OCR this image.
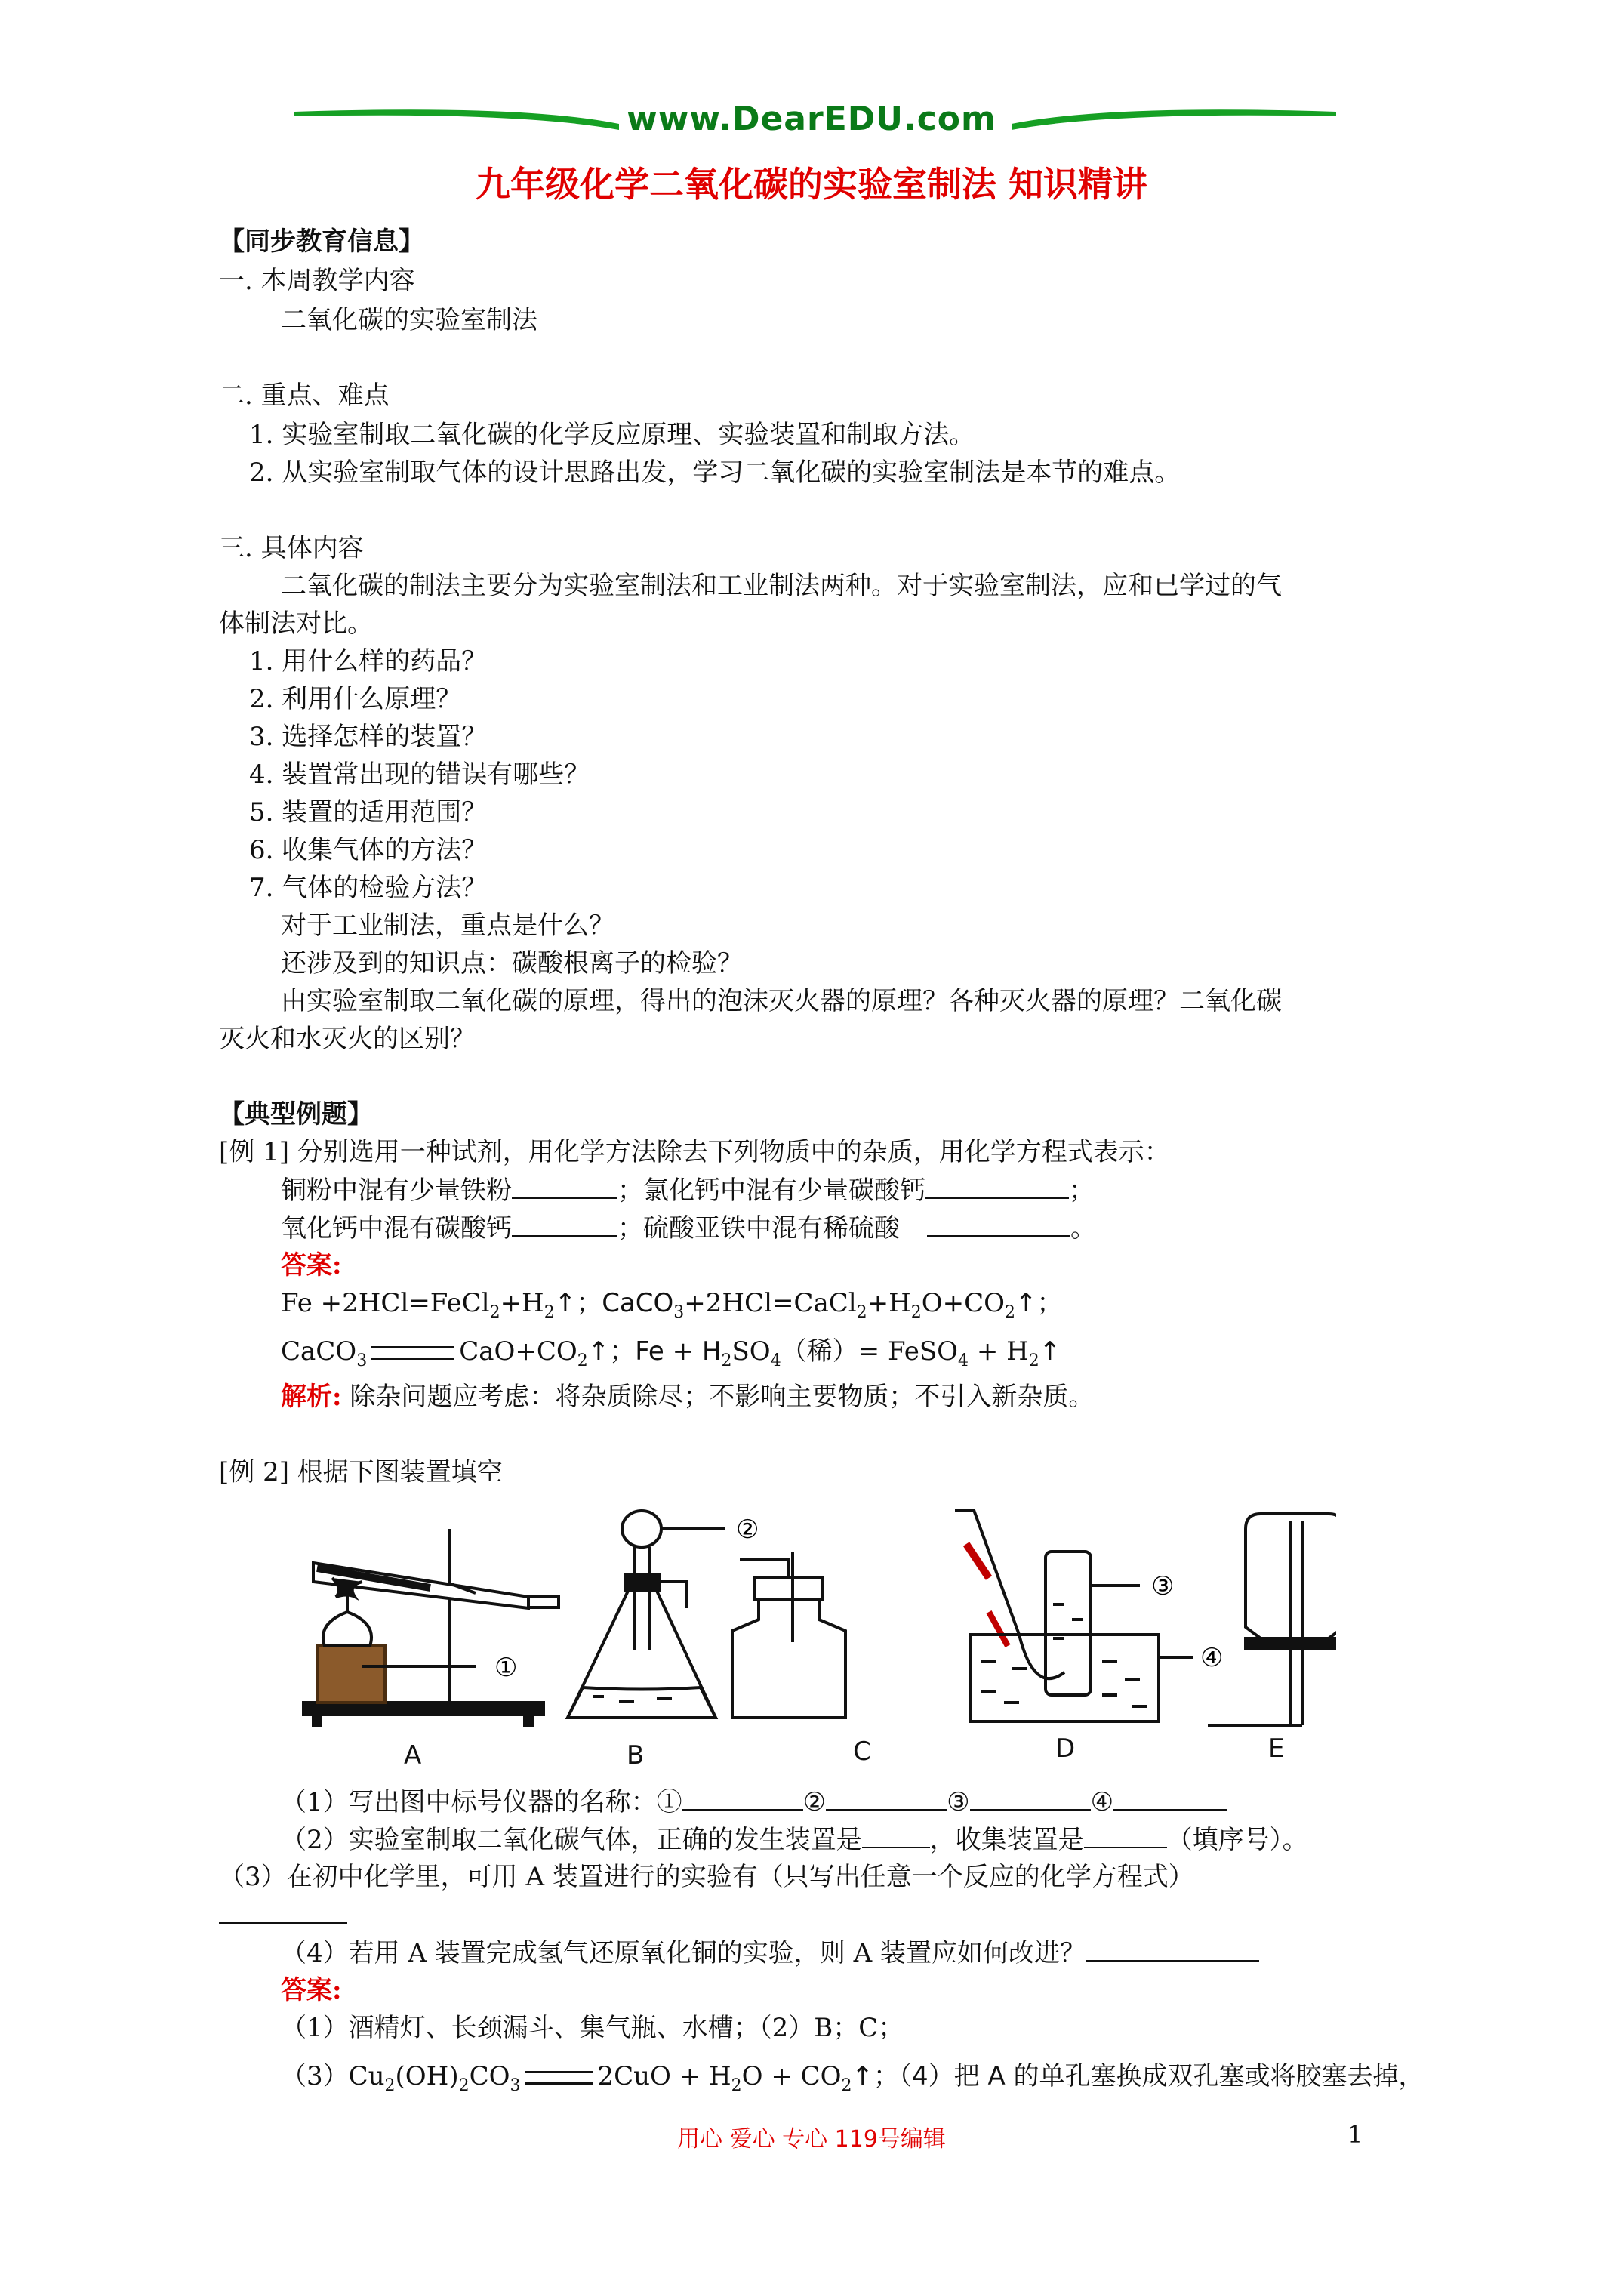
www.DearEDU.com
九年级化学二氧化碳的实验室制法 知识精讲
【同步教育信息】
一. 本周教学内容
二氧化碳的实验室制法
二. 重点、难点
1. 实验室制取二氧化碳的化学反应原理、实验装置和制取方法。
2. 从实验室制取气体的设计思路出发，学习二氧化碳的实验室制法是本节的难点。
三. 具体内容
二氧化碳的制法主要分为实验室制法和工业制法两种。对于实验室制法，应和已学过的气
体制法对比。
1. 用什么样的药品？
2. 利用什么原理？
3. 选择怎样的装置？
4. 装置常出现的错误有哪些？
5. 装置的适用范围？
6. 收集气体的方法？
7. 气体的检验方法？
对于工业制法，重点是什么？
还涉及到的知识点：碳酸根离子的检验？
由实验室制取二氧化碳的原理，得出的泡沫灭火器的原理？各种灭火器的原理？二氧化碳
灭火和水灭火的区别？
【典型例题】
[例 1] 分别选用一种试剂，用化学方法除去下列物质中的杂质，用化学方程式表示：
铜粉中混有少量铁粉	；氯化钙中混有少量碳酸钙	；
氧化钙中混有碳酸钙	；硫酸亚铁中混有稀硫酸	。
答案:
$Fe +2HCl=FeCl_2+H_2↑$；$CaCO_3+2HCl=CaCl_2+H_2O+CO_2↑$；
CaCO$_3$	$CaO+CO_2↑$；$Fe + H_2SO_4$（稀）= FeSO$_4$ + $H_2↑$
解析: 除杂问题应考虑：将杂质除尽；不影响主要物质；不引入新杂质。
[例 2] 根据下图装置填空
①
②
③
④
A	B	C	D	E
（1）写出图中标号仪器的名称：①	②	③	④
（2）实验室制取二氧化碳气体，正确的发生装置是	，收集装置是	（填序号）。
（3）在初中化学里，可用 A 装置进行的实验有（只写出任意一个反应的化学方程式）
（4）若用 A 装置完成氢气还原氧化铜的实验，则 A 装置应如何改进？
答案:
（1）酒精灯、长颈漏斗、集气瓶、水槽；（2）B；C；
$(3)Cu_2(OH)_2CO_3$	$2CuO + H_2O$ + $CO_2↑$；（4）把 A 的单孔塞换成双孔塞或将胶塞去掉，
用心 爱心 专心 119号编辑	1
